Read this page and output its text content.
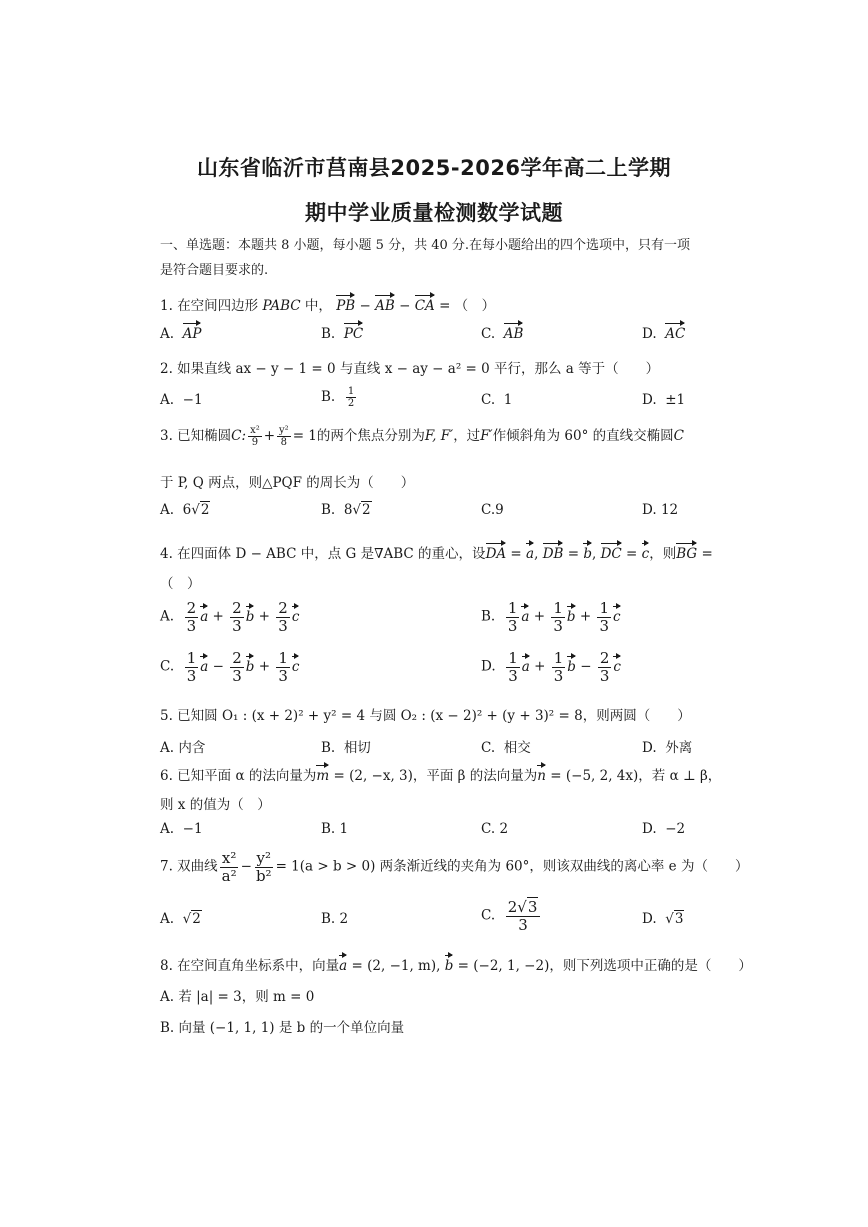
山东省临沂市莒南县2025-2026学年高二上学期
期中学业质量检测数学试题
一、单选题：本题共 8 小题，每小题 5 分，共 40 分.在每小题给出的四个选项中，只有一项
是符合题目要求的.
1. 在空间四边形 PABC 中， PB − AB − CA = （　）
A. AP	B. PC	C. AB	D. AC
2. 如果直线 ax − y − 1 = 0 与直线 x − ay − a² = 0 平行，那么 a 等于（　　）
A. −1	B. $\frac{1}{2}$	C. 1	D. ±1
3. 已知椭圆C: $\frac{\text{x²}}{9} + \frac{\text{y²}}{8} = 1$的两个焦点分别为F, F′，过F′作倾斜角为 60° 的直线交椭圆C
于 P, Q 两点，则△PQF 的周长为（　　）
A. 6√2	B. 8√2	C.9	D. 12
4. 在四面体 D − ABC 中，点 G 是∇ABC 的重心，设DA = a, DB = b, DC = c，则BG =
（　）
A. $\frac{2}{3}$ $a + \frac{2}{3}$ $b + \frac{2}{3}$ c	B. $\frac{1}{3}$ $a + \frac{1}{3}$ $b + \frac{1}{3}$ c
C. $\frac{1}{3}$ $a - \frac{2}{3}$ $b + \frac{1}{3}$ c	D. $\frac{1}{3}$ $a + \frac{1}{3}$ $b - \frac{2}{3}$ c
5. 已知圆 O₁ : (x + 2)² + y² = 4 与圆 O₂ : (x − 2)² + (y + 3)² = 8，则两圆（　　）
A. 内含	B. 相切	C. 相交	D. 外离
6. 已知平面 α 的法向量为m = (2, −x, 3)，平面 β 的法向量为n = (−5, 2, 4x)，若 α ⊥ β，
则 x 的值为（　）
A. −1	B. 1	C. 2	D. −2
7. 双曲线 $\frac{\text{x²}}{\text{a²}} - \frac{\text{y²}}{\text{b²}} = 1(a > b > 0)$ 两条渐近线的夹角为 60°，则该双曲线的离心率 e 为（　　）
A. √2	B. 2	C. $\frac{2√3}{3}$	D. √3
8. 在空间直角坐标系中，向量a = (2, −1, m), b = (−2, 1, −2)，则下列选项中正确的是（　　）
A. 若 |a| = 3，则 m = 0
B. 向量 (−1, 1, 1) 是 b 的一个单位向量
